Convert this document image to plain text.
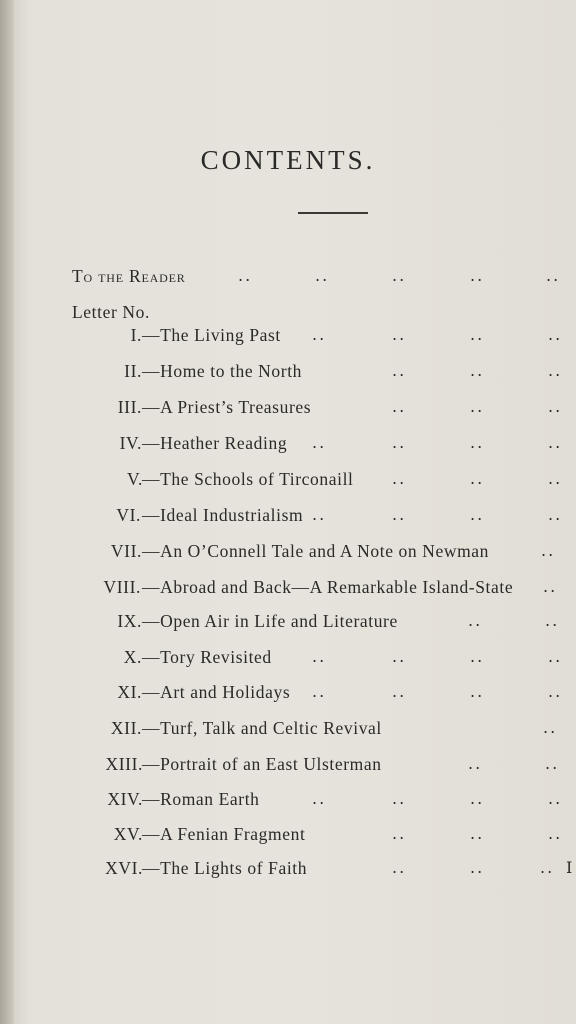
CONTENTS.
To the Reader	..	..	..	..	..
Letter No.
I. —The Living Past ..	..	..	..
II. —Home to the North	..	..	..
III. —A Priest’s Treasures	..	..	..
IV. —Heather Reading ..	..	..	..
V. —The Schools of Tirconaill ..	..	..
VI. —Ideal Industrialism ..	..	..	..
VII. —An O’Connell Tale and A Note on Newman	..
VIII. —Abroad and Back—A Remarkable Island-State ..
IX. —Open Air in Life and Literature	..	..
X. —Tory Revisited	..	..	..	..
XI. —Art and Holidays ..	..	..	..
XII. —Turf, Talk and Celtic Revival	..
XIII. —Portrait of an East Ulsterman	..	..
XIV. —Roman Earth	..	..	..	..
XV. —A Fenian Fragment	..	..	..
XVI. —The Lights of Faith	..	..	.. I
